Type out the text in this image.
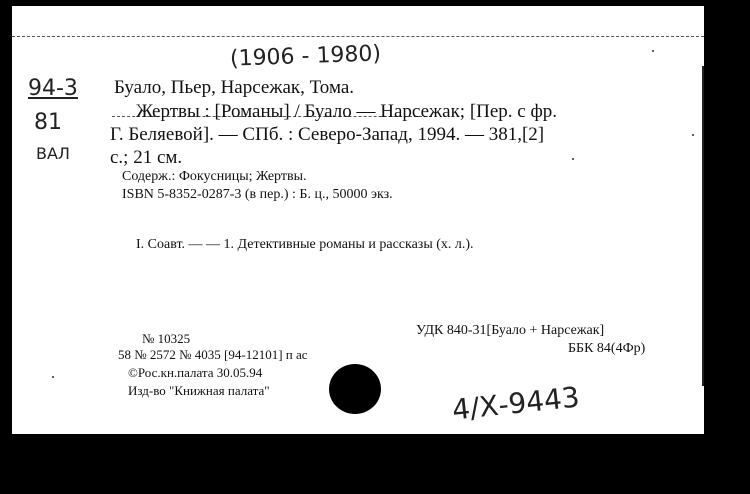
(1906 - 1980)
94-3
81
ВАЛ
Буало, Пьер, Нарсежак, Тома.
Жертвы : [Романы] / Буало — Нарсежак; [Пер. с фр.
Г. Беляевой]. — СПб. : Северо-Запад, 1994. — 381,[2]
с.; 21 см.
Содерж.: Фокусницы; Жертвы.
ISBN 5-8352-0287-3 (в пер.) : Б. ц., 50000 экз.
I. Соавт. — — 1. Детективные романы и рассказы (х. л.).
№ 10325
58 № 2572 № 4035 [94-12101] п ас
©Рос.кн.палата 30.05.94
Изд-во "Книжная палата"
УДК 840-31[Буало + Нарсежак]
ББК 84(4Фр)
4/Х-9443
